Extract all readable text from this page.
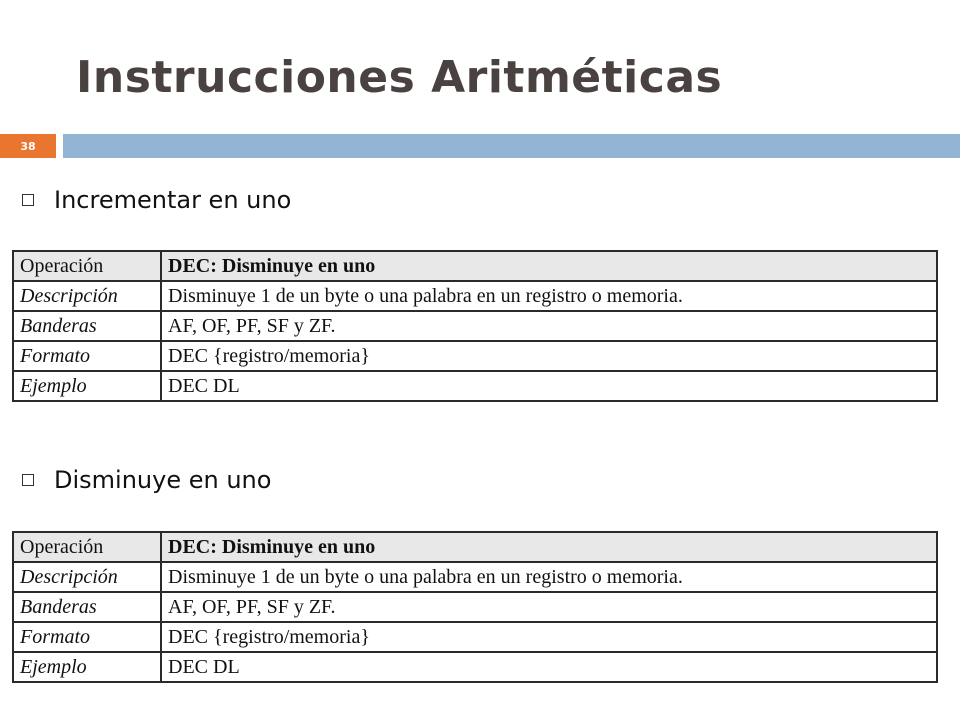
Instrucciones Aritméticas
38
Incrementar en uno
Operación	DEC: Disminuye en uno
Descripción	Disminuye 1 de un byte o una palabra en un registro o memoria.
Banderas	AF, OF, PF, SF y ZF.
Formato	DEC {registro/memoria}
Ejemplo	DEC DL
Disminuye en uno
Operación	DEC: Disminuye en uno
Descripción	Disminuye 1 de un byte o una palabra en un registro o memoria.
Banderas	AF, OF, PF, SF y ZF.
Formato	DEC {registro/memoria}
Ejemplo	DEC DL
